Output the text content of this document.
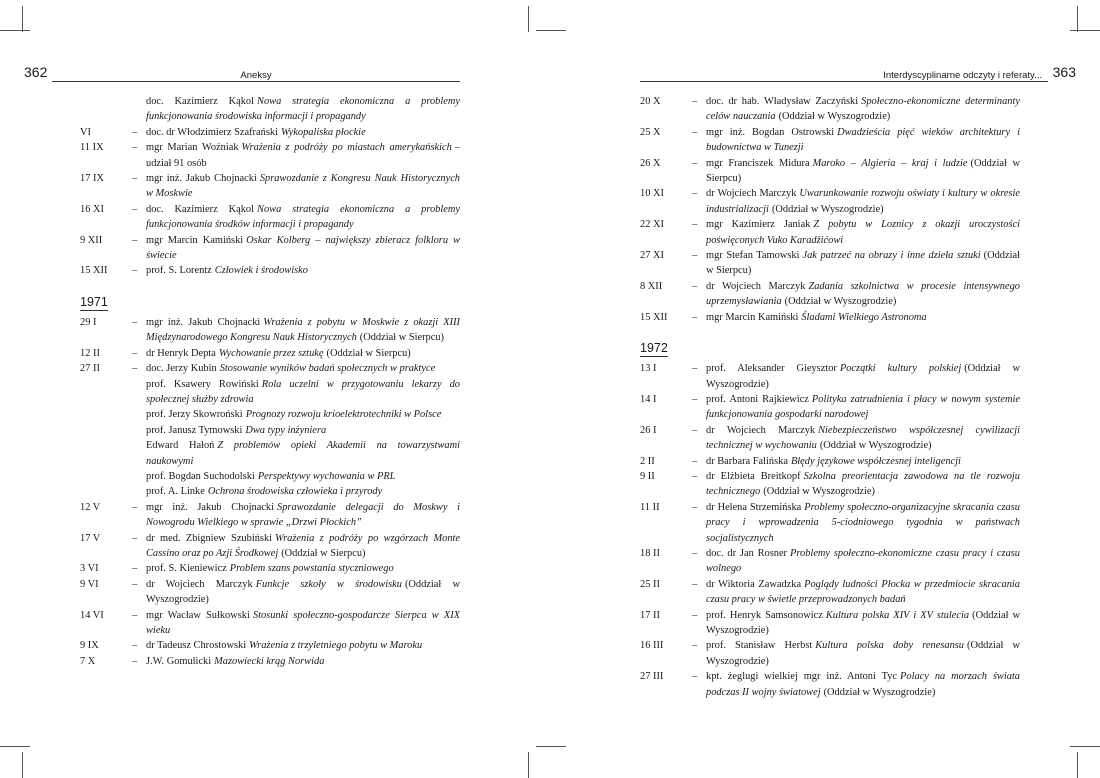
362	Aneksy
doc. Kazimierz Kąkol Nowa strategia ekonomiczna a problemy funkcjonowania środowiska informacji i propagandy
VI	– doc. dr Włodzimierz Szafrański Wykopaliska płockie
11 IX	– mgr Marian Woźniak Wrażenia z podróży po miastach amerykańskich – udział 91 osób
17 IX	– mgr inż. Jakub Chojnacki Sprawozdanie z Kongresu Nauk Historycznych w Moskwie
16 XI	– doc. Kazimierz Kąkol Nowa strategia ekonomiczna a problemy funkcjonowania środków informacji i propagandy
9 XII	– mgr Marcin Kamiński Oskar Kolberg – największy zbieracz folkloru w świecie
15 XII	– prof. S. Lorentz Człowiek i środowisko
1971
29 I	– mgr inż. Jakub Chojnacki Wrażenia z pobytu w Moskwie z okazji XIII Międzynarodowego Kongresu Nauk Historycznych (Oddział w Sierpcu)
12 II	– dr Henryk Depta Wychowanie przez sztukę (Oddział w Sierpcu)
27 II	– doc. Jerzy Kubin Stosowanie wyników badań społecznych w praktyce
prof. Ksawery Rowiński Rola uczelni w przygotowaniu lekarzy do społecznej służby zdrowia
prof. Jerzy Skowroński Prognozy rozwoju krioelektrotechniki w Polsce
prof. Janusz Tymowski Dwa typy inżyniera
Edward Hałoń Z problemów opieki Akademii na towarzystwami naukowymi
prof. Bogdan Suchodolski Perspektywy wychowania w PRL
prof. A. Linke Ochrona środowiska człowieka i przyrody
12 V	– mgr inż. Jakub Chojnacki Sprawozdanie delegacji do Moskwy i Nowogrodu Wielkiego w sprawie „Drzwi Płockich”
17 V	– dr med. Zbigniew Szubiński Wrażenia z podróży po wzgórzach Monte Cassino oraz po Azji Środkowej (Oddział w Sierpcu)
3 VI	– prof. S. Kieniewicz Problem szans powstania styczniowego
9 VI	– dr Wojciech Marczyk Funkcje szkoły w środowisku (Oddział w Wyszogrodzie)
14 VI	– mgr Wacław Sułkowski Stosunki społeczno-gospodarcze Sierpca w XIX wieku
9 IX	– dr Tadeusz Chrostowski Wrażenia z trzyletniego pobytu w Maroku
7 X	– J.W. Gomulicki Mazowiecki krąg Norwida
Interdyscyplinarne odczyty i referaty... 363
20 X	– doc. dr hab. Władysław Zaczyński Społeczno-ekonomiczne determinanty celów nauczania (Oddział w Wyszogrodzie)
25 X	– mgr inż. Bogdan Ostrowski Dwadzieścia pięć wieków architektury i budownictwa w Tunezji
26 X	– mgr Franciszek Midura Maroko – Algieria – kraj i ludzie (Oddział w Sierpcu)
10 XI	– dr Wojciech Marczyk Uwarunkowanie rozwoju oświaty i kultury w okresie industrializacji (Oddział w Wyszogrodzie)
22 XI	– mgr Kazimierz Janiak Z pobytu w Loznicy z okazji uroczystości poświęconych Vuko Karadžićowi
27 XI	– mgr Stefan Tamowski Jak patrzeć na obrazy i inne dzieła sztuki (Oddział w Sierpcu)
8 XII	– dr Wojciech Marczyk Zadania szkolnictwa w procesie intensywnego uprzemysławiania (Oddział w Wyszogrodzie)
15 XII	– mgr Marcin Kamiński Śladami Wielkiego Astronoma
1972
13 I	– prof. Aleksander Gieysztor Początki kultury polskiej (Oddział w Wyszogrodzie)
14 I	– prof. Antoni Rajkiewicz Polityka zatrudnienia i płacy w nowym systemie funkcjonowania gospodarki narodowej
26 I	– dr Wojciech Marczyk Niebezpieczeństwo współczesnej cywilizacji technicznej w wychowaniu (Oddział w Wyszogrodzie)
2 II	– dr Barbara Falińska Błędy językowe współczesnej inteligencji
9 II	– dr Elżbieta Breitkopf Szkolna preorientacja zawodowa na tle rozwoju technicznego (Oddział w Wyszogrodzie)
11 II	– dr Helena Strzemińska Problemy społeczno-organizacyjne skracania czasu pracy i wprowadzenia 5-ciodniowego tygodnia w państwach socjalistycznych
18 II	– doc. dr Jan Rosner Problemy społeczno-ekonomiczne czasu pracy i czasu wolnego
25 II	– dr Wiktoria Zawadzka Poglądy ludności Płocka w przedmiocie skracania czasu pracy w świetle przeprowadzonych badań
17 II	– prof. Henryk Samsonowicz Kultura polska XIV i XV stulecia (Oddział w Wyszogrodzie)
16 III	– prof. Stanisław Herbst Kultura polska doby renesansu (Oddział w Wyszogrodzie)
27 III	– kpt. żeglugi wielkiej mgr inż. Antoni Tyc Polacy na morzach świata podczas II wojny światowej (Oddział w Wyszogrodzie)
